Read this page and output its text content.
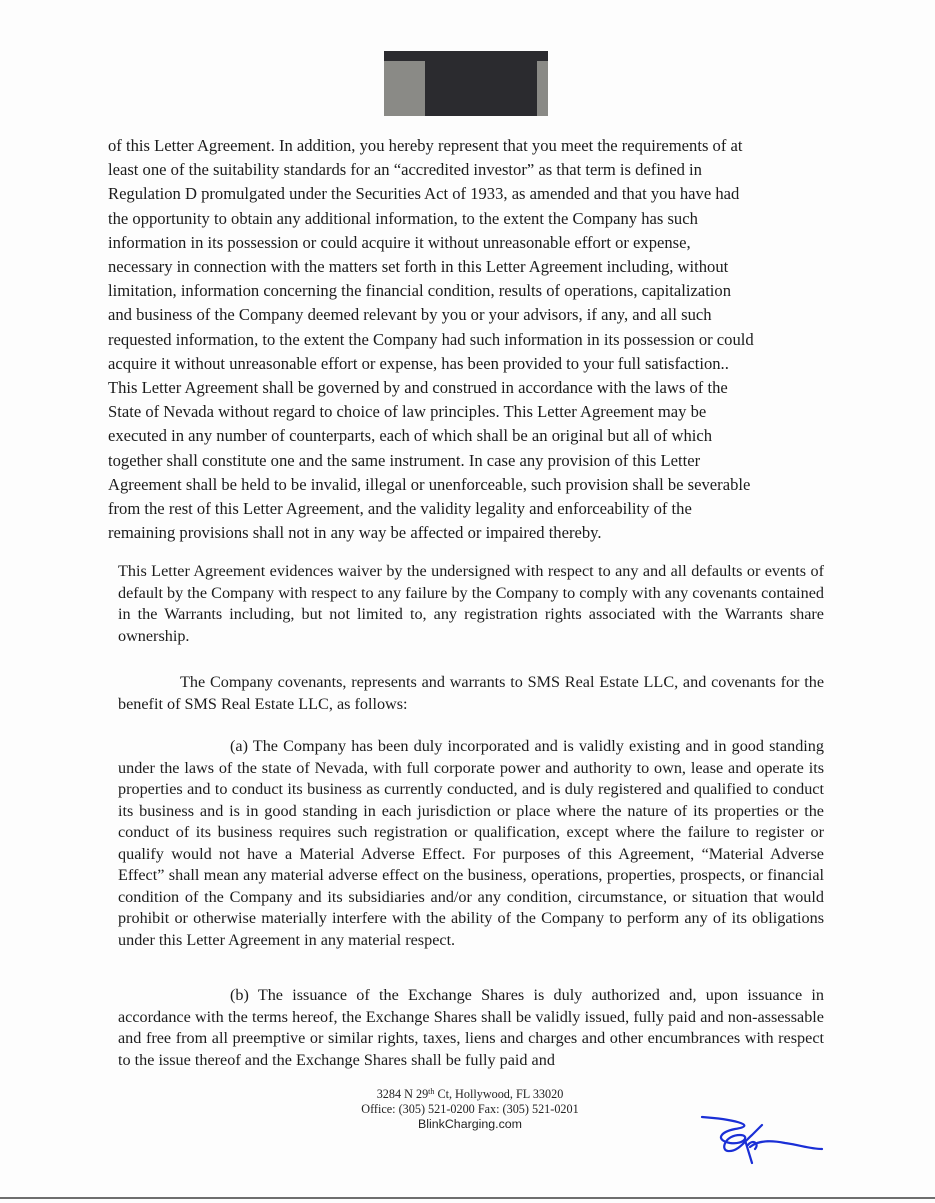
of this Letter Agreement. In addition, you hereby represent that you meet the requirements of at
least one of the suitability standards for an “accredited investor” as that term is defined in
Regulation D promulgated under the Securities Act of 1933, as amended and that you have had
the opportunity to obtain any additional information, to the extent the Company has such
information in its possession or could acquire it without unreasonable effort or expense,
necessary in connection with the matters set forth in this Letter Agreement including, without
limitation, information concerning the financial condition, results of operations, capitalization
and business of the Company deemed relevant by you or your advisors, if any, and all such
requested information, to the extent the Company had such information in its possession or could
acquire it without unreasonable effort or expense, has been provided to your full satisfaction..
This Letter Agreement shall be governed by and construed in accordance with the laws of the
State of Nevada without regard to choice of law principles. This Letter Agreement may be
executed in any number of counterparts, each of which shall be an original but all of which
together shall constitute one and the same instrument. In case any provision of this Letter
Agreement shall be held to be invalid, illegal or unenforceable, such provision shall be severable
from the rest of this Letter Agreement, and the validity legality and enforceability of the
remaining provisions shall not in any way be affected or impaired thereby.
This Letter Agreement evidences waiver by the undersigned with respect to any and all defaults or events of default by the Company with respect to any failure by the Company to comply with any covenants contained in the Warrants including, but not limited to, any registration rights associated with the Warrants share ownership.
The Company covenants, represents and warrants to SMS Real Estate LLC, and covenants for the benefit of SMS Real Estate LLC, as follows:
(a) The Company has been duly incorporated and is validly existing and in good standing under the laws of the state of Nevada, with full corporate power and authority to own, lease and operate its properties and to conduct its business as currently conducted, and is duly registered and qualified to conduct its business and is in good standing in each jurisdiction or place where the nature of its properties or the conduct of its business requires such registration or qualification, except where the failure to register or qualify would not have a Material Adverse Effect. For purposes of this Agreement, “Material Adverse Effect” shall mean any material adverse effect on the business, operations, properties, prospects, or financial condition of the Company and its subsidiaries and/or any condition, circumstance, or situation that would prohibit or otherwise materially interfere with the ability of the Company to perform any of its obligations under this Letter Agreement in any material respect.
(b) The issuance of the Exchange Shares is duly authorized and, upon issuance in accordance with the terms hereof, the Exchange Shares shall be validly issued, fully paid and non-assessable and free from all preemptive or similar rights, taxes, liens and charges and other encumbrances with respect to the issue thereof and the Exchange Shares shall be fully paid and
3284 N 29th Ct, Hollywood, FL 33020
Office: (305) 521-0200 Fax: (305) 521-0201
BlinkCharging.com
